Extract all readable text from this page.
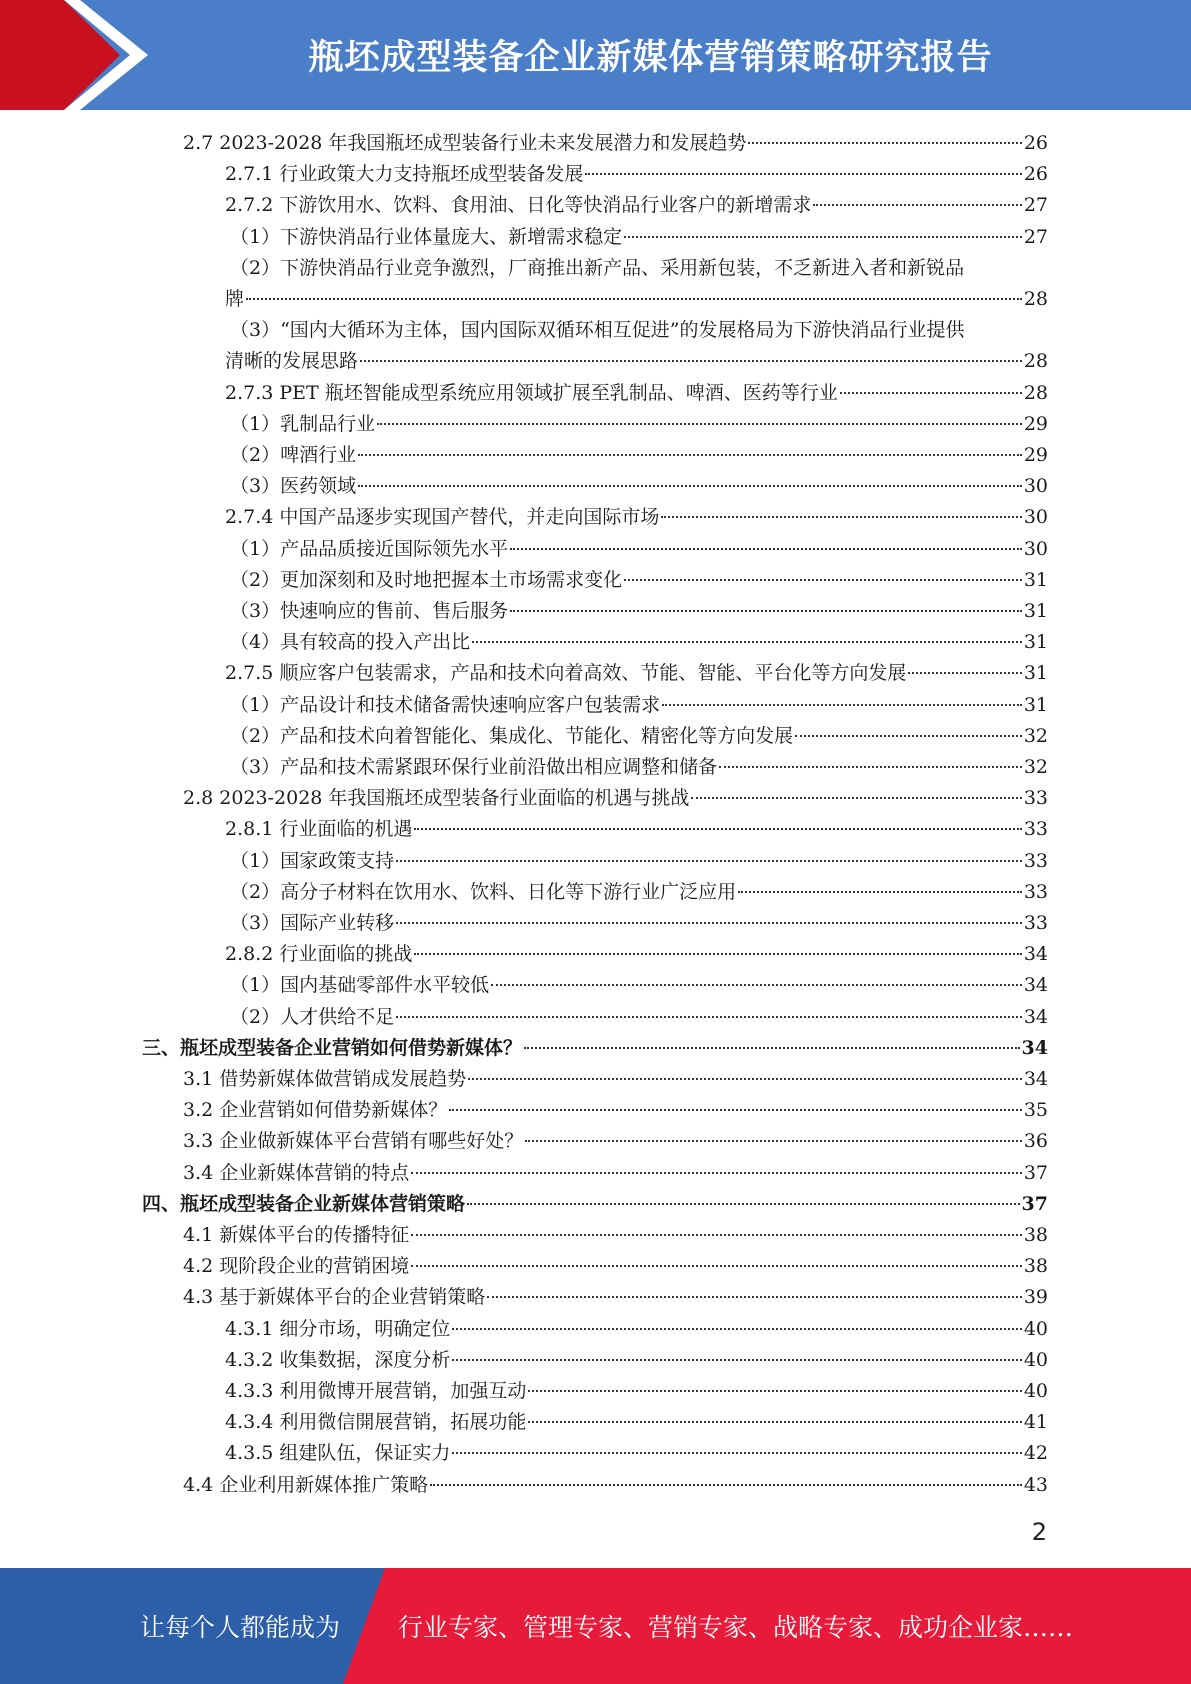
瓶坯成型装备企业新媒体营销策略研究报告
2.7 2023-2028 年我国瓶坯成型装备行业未来发展潜力和发展趋势	26
2.7.1 行业政策大力支持瓶坯成型装备发展	26
2.7.2 下游饮用水、饮料、食用油、日化等快消品行业客户的新增需求	27
（1）下游快消品行业体量庞大、新增需求稳定	27
（2）下游快消品行业竞争激烈，厂商推出新产品、采用新包装，不乏新进入者和新锐品
牌	28
（3）“国内大循环为主体，国内国际双循环相互促进”的发展格局为下游快消品行业提供
清晰的发展思路	28
2.7.3 PET 瓶坯智能成型系统应用领域扩展至乳制品、啤酒、医药等行业	28
（1）乳制品行业	29
（2）啤酒行业	29
（3）医药领域	30
2.7.4 中国产品逐步实现国产替代，并走向国际市场	30
（1）产品品质接近国际领先水平	30
（2）更加深刻和及时地把握本土市场需求变化	31
（3）快速响应的售前、售后服务	31
（4）具有较高的投入产出比	31
2.7.5 顺应客户包装需求，产品和技术向着高效、节能、智能、平台化等方向发展	31
（1）产品设计和技术储备需快速响应客户包装需求	31
（2）产品和技术向着智能化、集成化、节能化、精密化等方向发展	32
（3）产品和技术需紧跟环保行业前沿做出相应调整和储备	32
2.8 2023-2028 年我国瓶坯成型装备行业面临的机遇与挑战	33
2.8.1 行业面临的机遇	33
（1）国家政策支持	33
（2）高分子材料在饮用水、饮料、日化等下游行业广泛应用	33
（3）国际产业转移	33
2.8.2 行业面临的挑战	34
（1）国内基础零部件水平较低	34
（2）人才供给不足	34
三、瓶坯成型装备企业营销如何借势新媒体？	34
3.1 借势新媒体做营销成发展趋势	34
3.2 企业营销如何借势新媒体？	35
3.3 企业做新媒体平台营销有哪些好处？	36
3.4 企业新媒体营销的特点	37
四、瓶坯成型装备企业新媒体营销策略	37
4.1 新媒体平台的传播特征	38
4.2 现阶段企业的营销困境	38
4.3 基于新媒体平台的企业营销策略	39
4.3.1 细分市场，明确定位	40
4.3.2 收集数据，深度分析	40
4.3.3 利用微博开展营销，加强互动	40
4.3.4 利用微信開展营销，拓展功能	41
4.3.5 组建队伍，保证实力	42
4.4 企业利用新媒体推广策略	43
2
让每个人都能成为 行业专家、管理专家、营销专家、战略专家、成功企业家……
